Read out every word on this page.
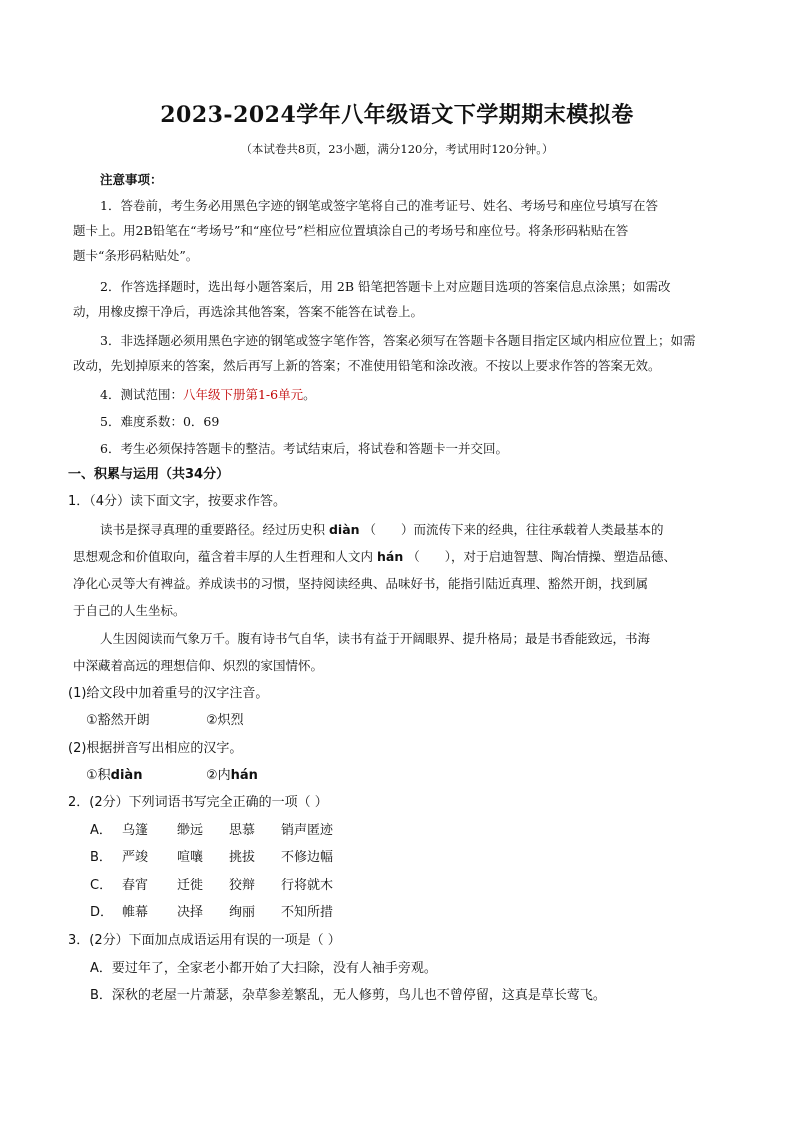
2023-2024学年八年级语文下学期期末模拟卷
（本试卷共8页，23小题，满分120分，考试用时120分钟。）
注意事项：
1．答卷前，考生务必用黑色字迹的钢笔或签字笔将自己的准考证号、姓名、考场号和座位号填写在答
题卡上。用2B铅笔在“考场号”和“座位号”栏相应位置填涂自己的考场号和座位号。将条形码粘贴在答
题卡“条形码粘贴处”。
2．作答选择题时，选出每小题答案后，用 2B 铅笔把答题卡上对应题目选项的答案信息点涂黑；如需改
动，用橡皮擦干净后，再选涂其他答案，答案不能答在试卷上。
3．非选择题必须用黑色字迹的钢笔或签字笔作答，答案必须写在答题卡各题目指定区域内相应位置上；如需
改动，先划掉原来的答案，然后再写上新的答案；不准使用铅笔和涂改液。不按以上要求作答的答案无效。
4．测试范围：八年级下册第1-6单元。
5．难度系数：0．69
6．考生必须保持答题卡的整洁。考试结束后，将试卷和答题卡一并交回。
一、积累与运用（共34分）
1．（4分）读下面文字，按要求作答。
读书是探寻真理的重要路径。经过历史积 diàn （　　）而流传下来的经典，往往承载着人类最基本的
思想观念和价值取向，蕴含着丰厚的人生哲理和人文内 hán （　　），对于启迪智慧、陶冶情操、塑造品德、
净化心灵等大有裨益。养成读书的习惯，坚持阅读经典、品味好书，能指引陆近真理、豁然开朗，找到属
于自己的人生坐标。
人生因阅读而气象万千。腹有诗书气自华，读书有益于开阔眼界、提升格局；最是书香能致远，书海
中深藏着高远的理想信仰、炽烈的家国情怀。
(1)给文段中加着重号的汉字注音。
①豁然开朗	②炽烈
(2)根据拼音写出相应的汉字。
①积diàn	②内hán
2．(2分）下列词语书写完全正确的一项（ ）
A． 乌篷 缈远 思慕 销声匿迹
B． 严竣 喧嚷 挑拔 不修边幅
C． 春宵 迁徙 狡辩 行将就木
D． 帷幕 决择 绚丽 不知所措
3．(2分）下面加点成语运用有误的一项是（ ）
A．要过年了，全家老小都开始了大扫除，没有人袖手旁观。
B．深秋的老屋一片萧瑟，杂草参差繁乱，无人修剪，鸟儿也不曾停留，这真是草长莺飞。
